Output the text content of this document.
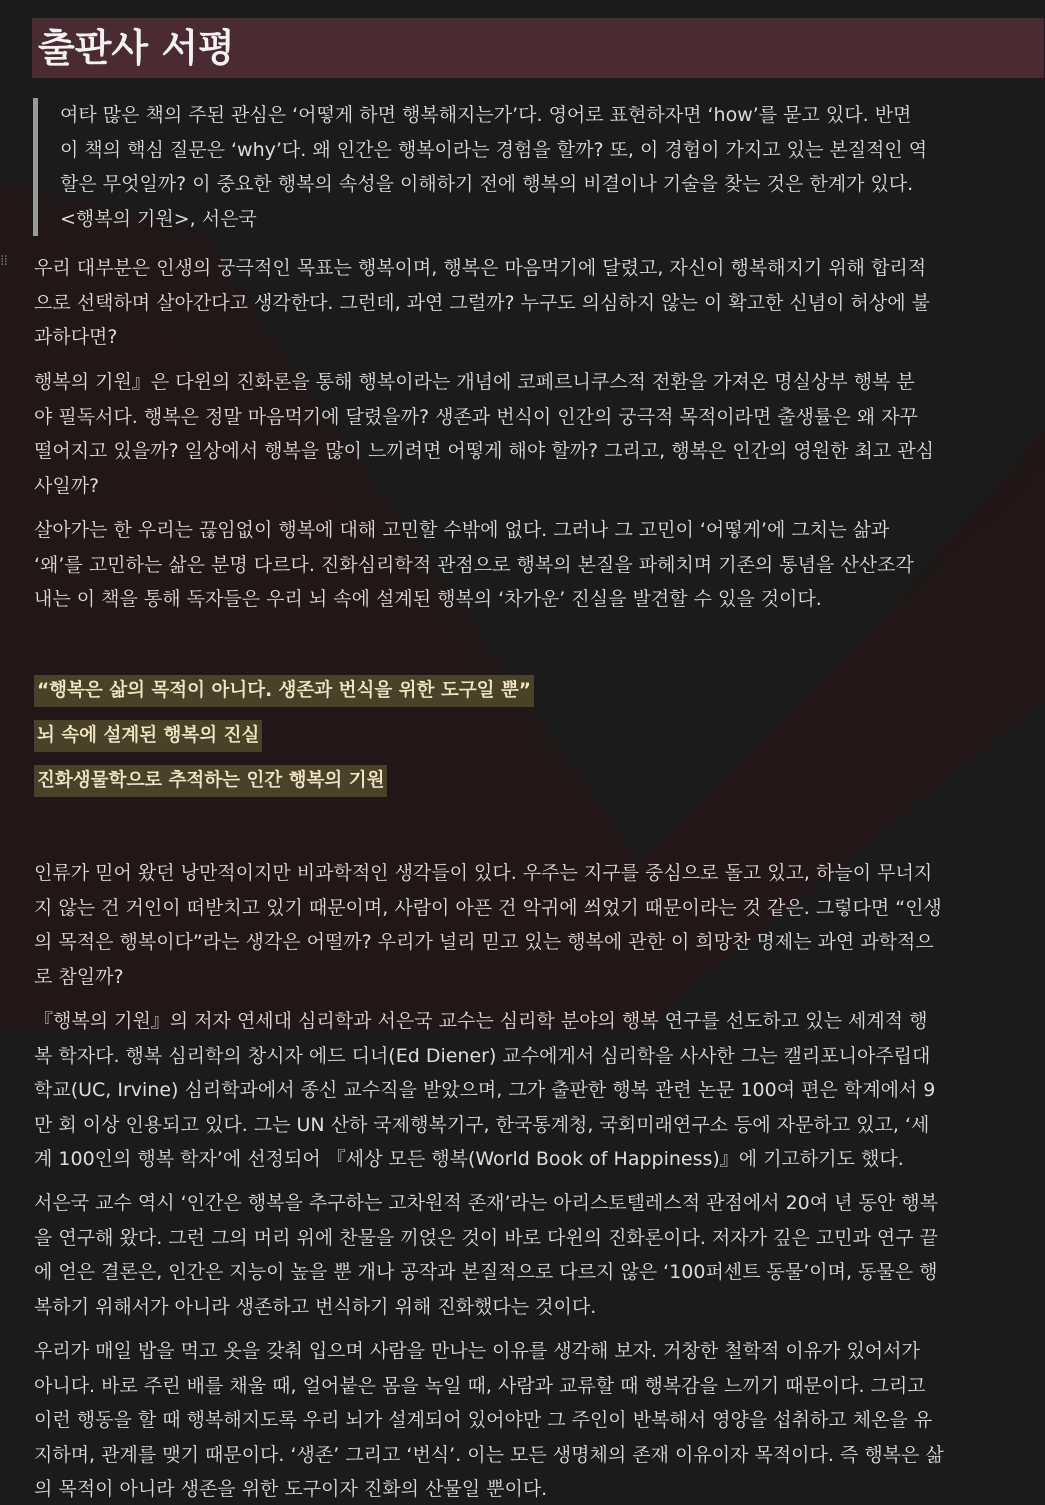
출판사 서평

여타 많은 책의 주된 관심은 ‘어떻게 하면 행복해지는가’다. 영어로 표현하자면 ‘how’를 묻고 있다. 반면

이 책의 핵심 질문은 ‘why’다. 왜 인간은 행복이라는 경험을 할까? 또, 이 경험이 가지고 있는 본질적인 역

할은 무엇일까? 이 중요한 행복의 속성을 이해하기 전에 행복의 비결이나 기술을 찾는 것은 한계가 있다.

<행복의 기원>, 서은국

⁞⁞	우리 대부분은 인생의 궁극적인 목표는 행복이며, 행복은 마음먹기에 달렸고, 자신이 행복해지기 위해 합리적
으로 선택하며 살아간다고 생각한다. 그런데, 과연 그럴까? 누구도 의심하지 않는 이 확고한 신념이 허상에 불
과하다면?
행복의 기원』은 다윈의 진화론을 통해 행복이라는 개념에 코페르니쿠스적 전환을 가져온 명실상부 행복 분
야 필독서다. 행복은 정말 마음먹기에 달렸을까? 생존과 번식이 인간의 궁극적 목적이라면 출생률은 왜 자꾸
떨어지고 있을까? 일상에서 행복을 많이 느끼려면 어떻게 해야 할까? 그리고, 행복은 인간의 영원한 최고 관심
사일까?
살아가는 한 우리는 끊임없이 행복에 대해 고민할 수밖에 없다. 그러나 그 고민이 ‘어떻게’에 그치는 삶과
‘왜’를 고민하는 삶은 분명 다르다. 진화심리학적 관점으로 행복의 본질을 파헤치며 기존의 통념을 산산조각
내는 이 책을 통해 독자들은 우리 뇌 속에 설계된 행복의 ‘차가운’ 진실을 발견할 수 있을 것이다.
“행복은 삶의 목적이 아니다. 생존과 번식을 위한 도구일 뿐”
뇌 속에 설계된 행복의 진실
진화생물학으로 추적하는 인간 행복의 기원
인류가 믿어 왔던 낭만적이지만 비과학적인 생각들이 있다. 우주는 지구를 중심으로 돌고 있고, 하늘이 무너지
지 않는 건 거인이 떠받치고 있기 때문이며, 사람이 아픈 건 악귀에 씌었기 때문이라는 것 같은. 그렇다면 “인생
의 목적은 행복이다”라는 생각은 어떨까? 우리가 널리 믿고 있는 행복에 관한 이 희망찬 명제는 과연 과학적으
로 참일까?
『행복의 기원』의 저자 연세대 심리학과 서은국 교수는 심리학 분야의 행복 연구를 선도하고 있는 세계적 행
복 학자다. 행복 심리학의 창시자 에드 디너(Ed Diener) 교수에게서 심리학을 사사한 그는 캘리포니아주립대
학교(UC, Irvine) 심리학과에서 종신 교수직을 받았으며, 그가 출판한 행복 관련 논문 100여 편은 학계에서 9
만 회 이상 인용되고 있다. 그는 UN 산하 국제행복기구, 한국통계청, 국회미래연구소 등에 자문하고 있고, ‘세
계 100인의 행복 학자’에 선정되어 『세상 모든 행복(World Book of Happiness)』에 기고하기도 했다.
서은국 교수 역시 ‘인간은 행복을 추구하는 고차원적 존재’라는 아리스토텔레스적 관점에서 20여 년 동안 행복
을 연구해 왔다. 그런 그의 머리 위에 찬물을 끼얹은 것이 바로 다윈의 진화론이다. 저자가 깊은 고민과 연구 끝
에 얻은 결론은, 인간은 지능이 높을 뿐 개나 공작과 본질적으로 다르지 않은 ‘100퍼센트 동물’이며, 동물은 행
복하기 위해서가 아니라 생존하고 번식하기 위해 진화했다는 것이다.
우리가 매일 밥을 먹고 옷을 갖춰 입으며 사람을 만나는 이유를 생각해 보자. 거창한 철학적 이유가 있어서가
아니다. 바로 주린 배를 채울 때, 얼어붙은 몸을 녹일 때, 사람과 교류할 때 행복감을 느끼기 때문이다. 그리고
이런 행동을 할 때 행복해지도록 우리 뇌가 설계되어 있어야만 그 주인이 반복해서 영양을 섭취하고 체온을 유
지하며, 관계를 맺기 때문이다. ‘생존’ 그리고 ‘번식’. 이는 모든 생명체의 존재 이유이자 목적이다. 즉 행복은 삶
의 목적이 아니라 생존을 위한 도구이자 진화의 산물일 뿐이다.
